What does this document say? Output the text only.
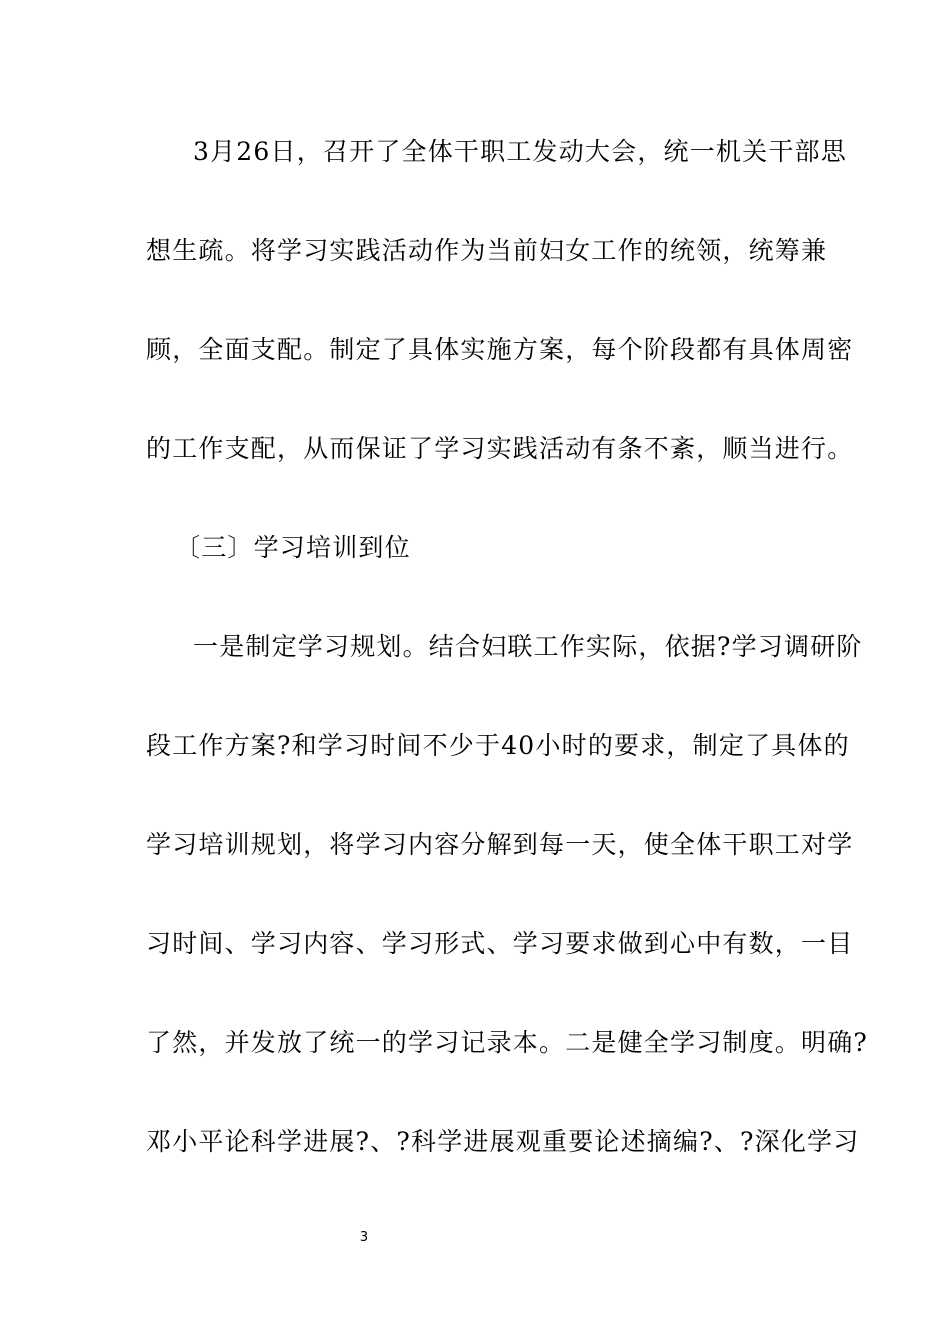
3月26日，召开了全体干职工发动大会，统一机关干部思
想生疏。将学习实践活动作为当前妇女工作的统领，统筹兼
顾，全面支配。制定了具体实施方案，每个阶段都有具体周密
的工作支配，从而保证了学习实践活动有条不紊，顺当进行。
〔三〕学习培训到位
一是制定学习规划。结合妇联工作实际，依据?学习调研阶
段工作方案?和学习时间不少于40小时的要求，制定了具体的
学习培训规划，将学习内容分解到每一天，使全体干职工对学
习时间、学习内容、学习形式、学习要求做到心中有数，一目
了然，并发放了统一的学习记录本。二是健全学习制度。明确?
邓小平论科学进展?、?科学进展观重要论述摘编?、?深化学习
3
